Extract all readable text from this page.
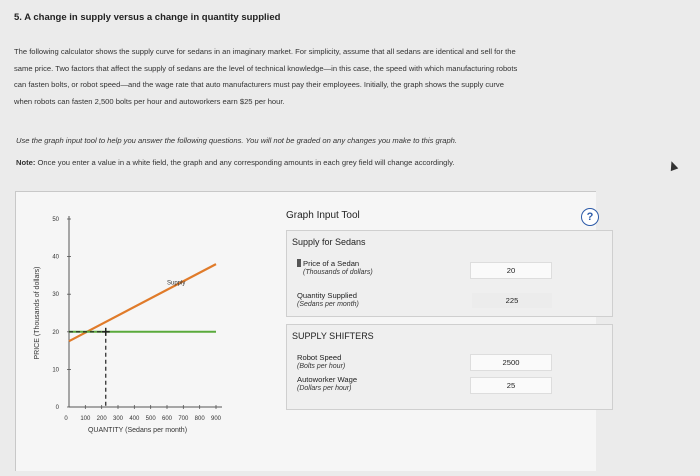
5. A change in supply versus a change in quantity supplied
The following calculator shows the supply curve for sedans in an imaginary market. For simplicity, assume that all sedans are identical and sell for the
same price. Two factors that affect the supply of sedans are the level of technical knowledge—in this case, the speed with which manufacturing robots
can fasten bolts, or robot speed—and the wage rate that auto manufacturers must pay their employees. Initially, the graph shows the supply curve
when robots can fasten 2,500 bolts per hour and autoworkers earn $25 per hour.
Use the graph input tool to help you answer the following questions. You will not be graded on any changes you make to this graph.
Note: Once you enter a value in a white field, the graph and any corresponding amounts in each grey field will change accordingly.
0
10
20
30
40
50
0 100 200 300 400 500 600 700 800 900
QUANTITY (Sedans per month)
PRICE (Thousands of dollars)	Supply
Graph Input Tool	?
Supply for Sedans
Price of a Sedan
(Thousands of dollars)	20
Quantity Supplied
(Sedans per month)	225
SUPPLY SHIFTERS
Robot Speed
(Bolts per hour)	2500
Autoworker Wage
(Dollars per hour)	25
